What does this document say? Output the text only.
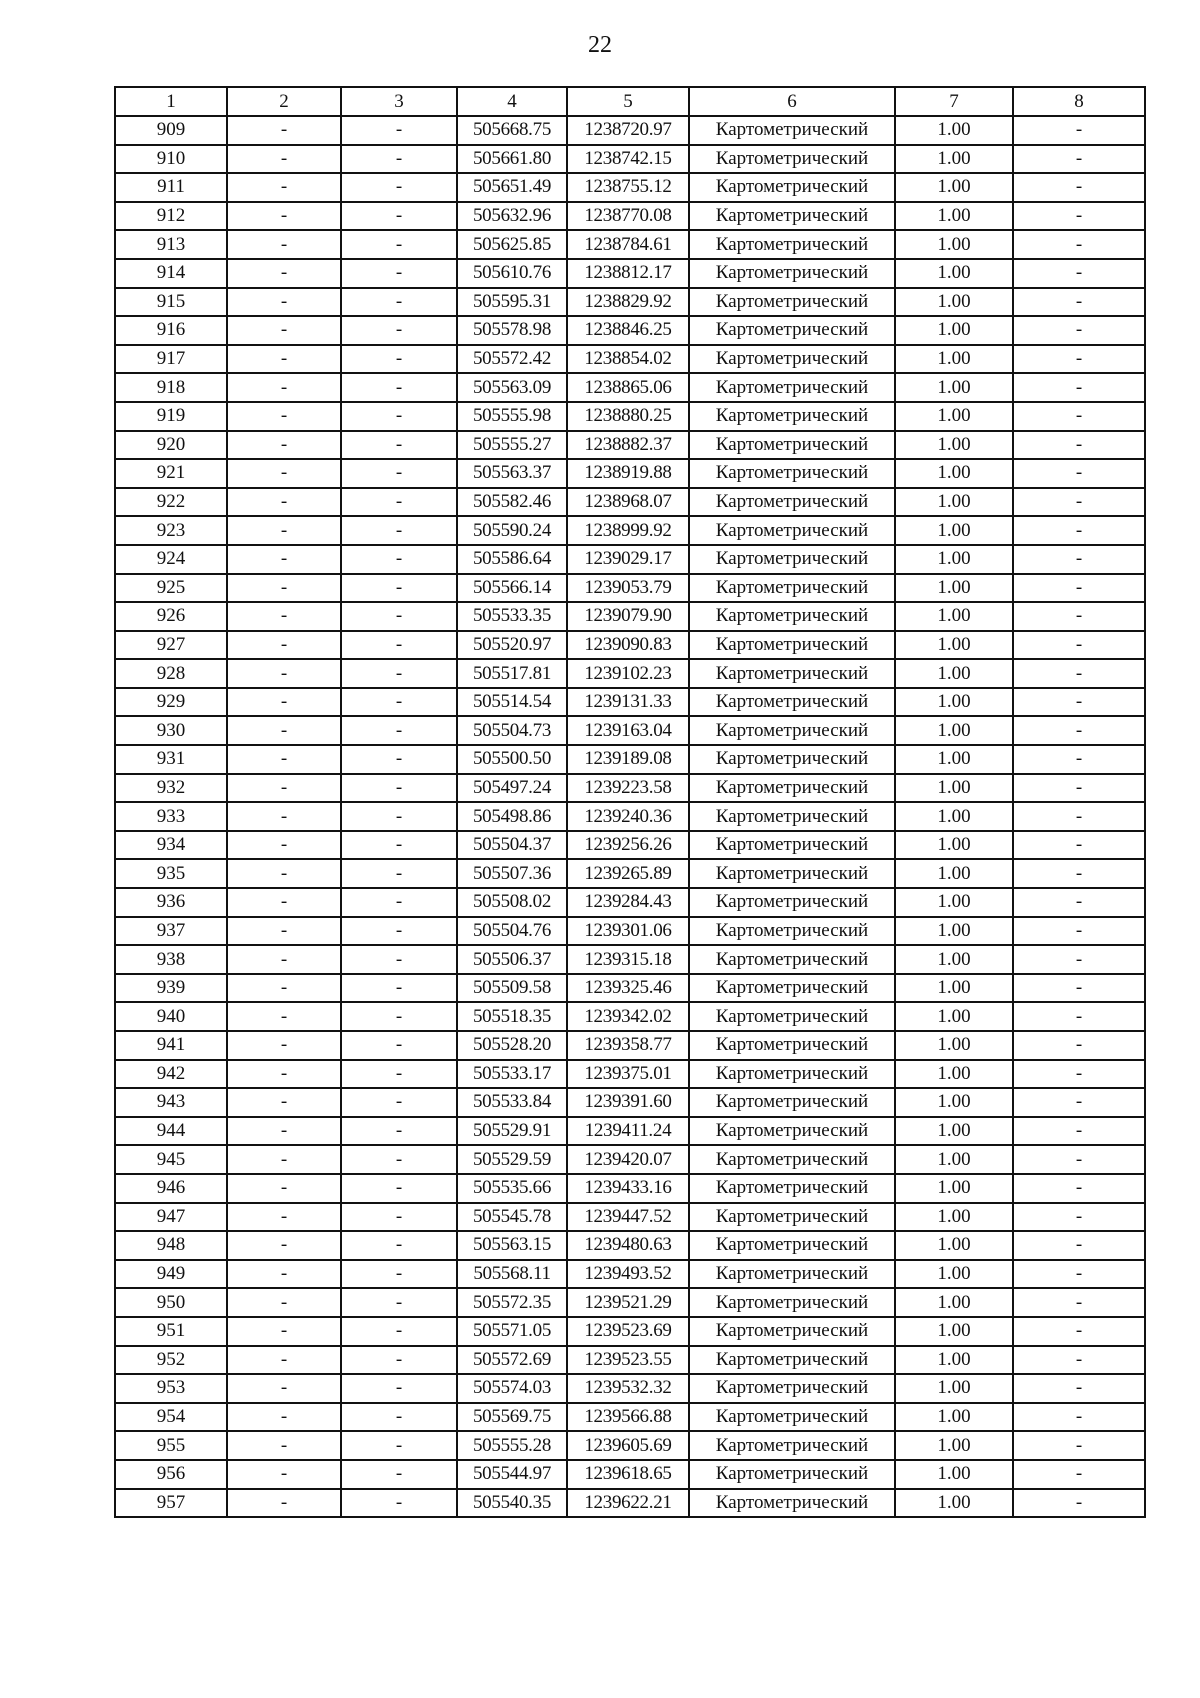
22
1	2	3	4	5	6	7	8
909	-	-	505668.75	1238720.97	Картометрический	1.00	-
910	-	-	505661.80	1238742.15	Картометрический	1.00	-
911	-	-	505651.49	1238755.12	Картометрический	1.00	-
912	-	-	505632.96	1238770.08	Картометрический	1.00	-
913	-	-	505625.85	1238784.61	Картометрический	1.00	-
914	-	-	505610.76	1238812.17	Картометрический	1.00	-
915	-	-	505595.31	1238829.92	Картометрический	1.00	-
916	-	-	505578.98	1238846.25	Картометрический	1.00	-
917	-	-	505572.42	1238854.02	Картометрический	1.00	-
918	-	-	505563.09	1238865.06	Картометрический	1.00	-
919	-	-	505555.98	1238880.25	Картометрический	1.00	-
920	-	-	505555.27	1238882.37	Картометрический	1.00	-
921	-	-	505563.37	1238919.88	Картометрический	1.00	-
922	-	-	505582.46	1238968.07	Картометрический	1.00	-
923	-	-	505590.24	1238999.92	Картометрический	1.00	-
924	-	-	505586.64	1239029.17	Картометрический	1.00	-
925	-	-	505566.14	1239053.79	Картометрический	1.00	-
926	-	-	505533.35	1239079.90	Картометрический	1.00	-
927	-	-	505520.97	1239090.83	Картометрический	1.00	-
928	-	-	505517.81	1239102.23	Картометрический	1.00	-
929	-	-	505514.54	1239131.33	Картометрический	1.00	-
930	-	-	505504.73	1239163.04	Картометрический	1.00	-
931	-	-	505500.50	1239189.08	Картометрический	1.00	-
932	-	-	505497.24	1239223.58	Картометрический	1.00	-
933	-	-	505498.86	1239240.36	Картометрический	1.00	-
934	-	-	505504.37	1239256.26	Картометрический	1.00	-
935	-	-	505507.36	1239265.89	Картометрический	1.00	-
936	-	-	505508.02	1239284.43	Картометрический	1.00	-
937	-	-	505504.76	1239301.06	Картометрический	1.00	-
938	-	-	505506.37	1239315.18	Картометрический	1.00	-
939	-	-	505509.58	1239325.46	Картометрический	1.00	-
940	-	-	505518.35	1239342.02	Картометрический	1.00	-
941	-	-	505528.20	1239358.77	Картометрический	1.00	-
942	-	-	505533.17	1239375.01	Картометрический	1.00	-
943	-	-	505533.84	1239391.60	Картометрический	1.00	-
944	-	-	505529.91	1239411.24	Картометрический	1.00	-
945	-	-	505529.59	1239420.07	Картометрический	1.00	-
946	-	-	505535.66	1239433.16	Картометрический	1.00	-
947	-	-	505545.78	1239447.52	Картометрический	1.00	-
948	-	-	505563.15	1239480.63	Картометрический	1.00	-
949	-	-	505568.11	1239493.52	Картометрический	1.00	-
950	-	-	505572.35	1239521.29	Картометрический	1.00	-
951	-	-	505571.05	1239523.69	Картометрический	1.00	-
952	-	-	505572.69	1239523.55	Картометрический	1.00	-
953	-	-	505574.03	1239532.32	Картометрический	1.00	-
954	-	-	505569.75	1239566.88	Картометрический	1.00	-
955	-	-	505555.28	1239605.69	Картометрический	1.00	-
956	-	-	505544.97	1239618.65	Картометрический	1.00	-
957	-	-	505540.35	1239622.21	Картометрический	1.00	-
